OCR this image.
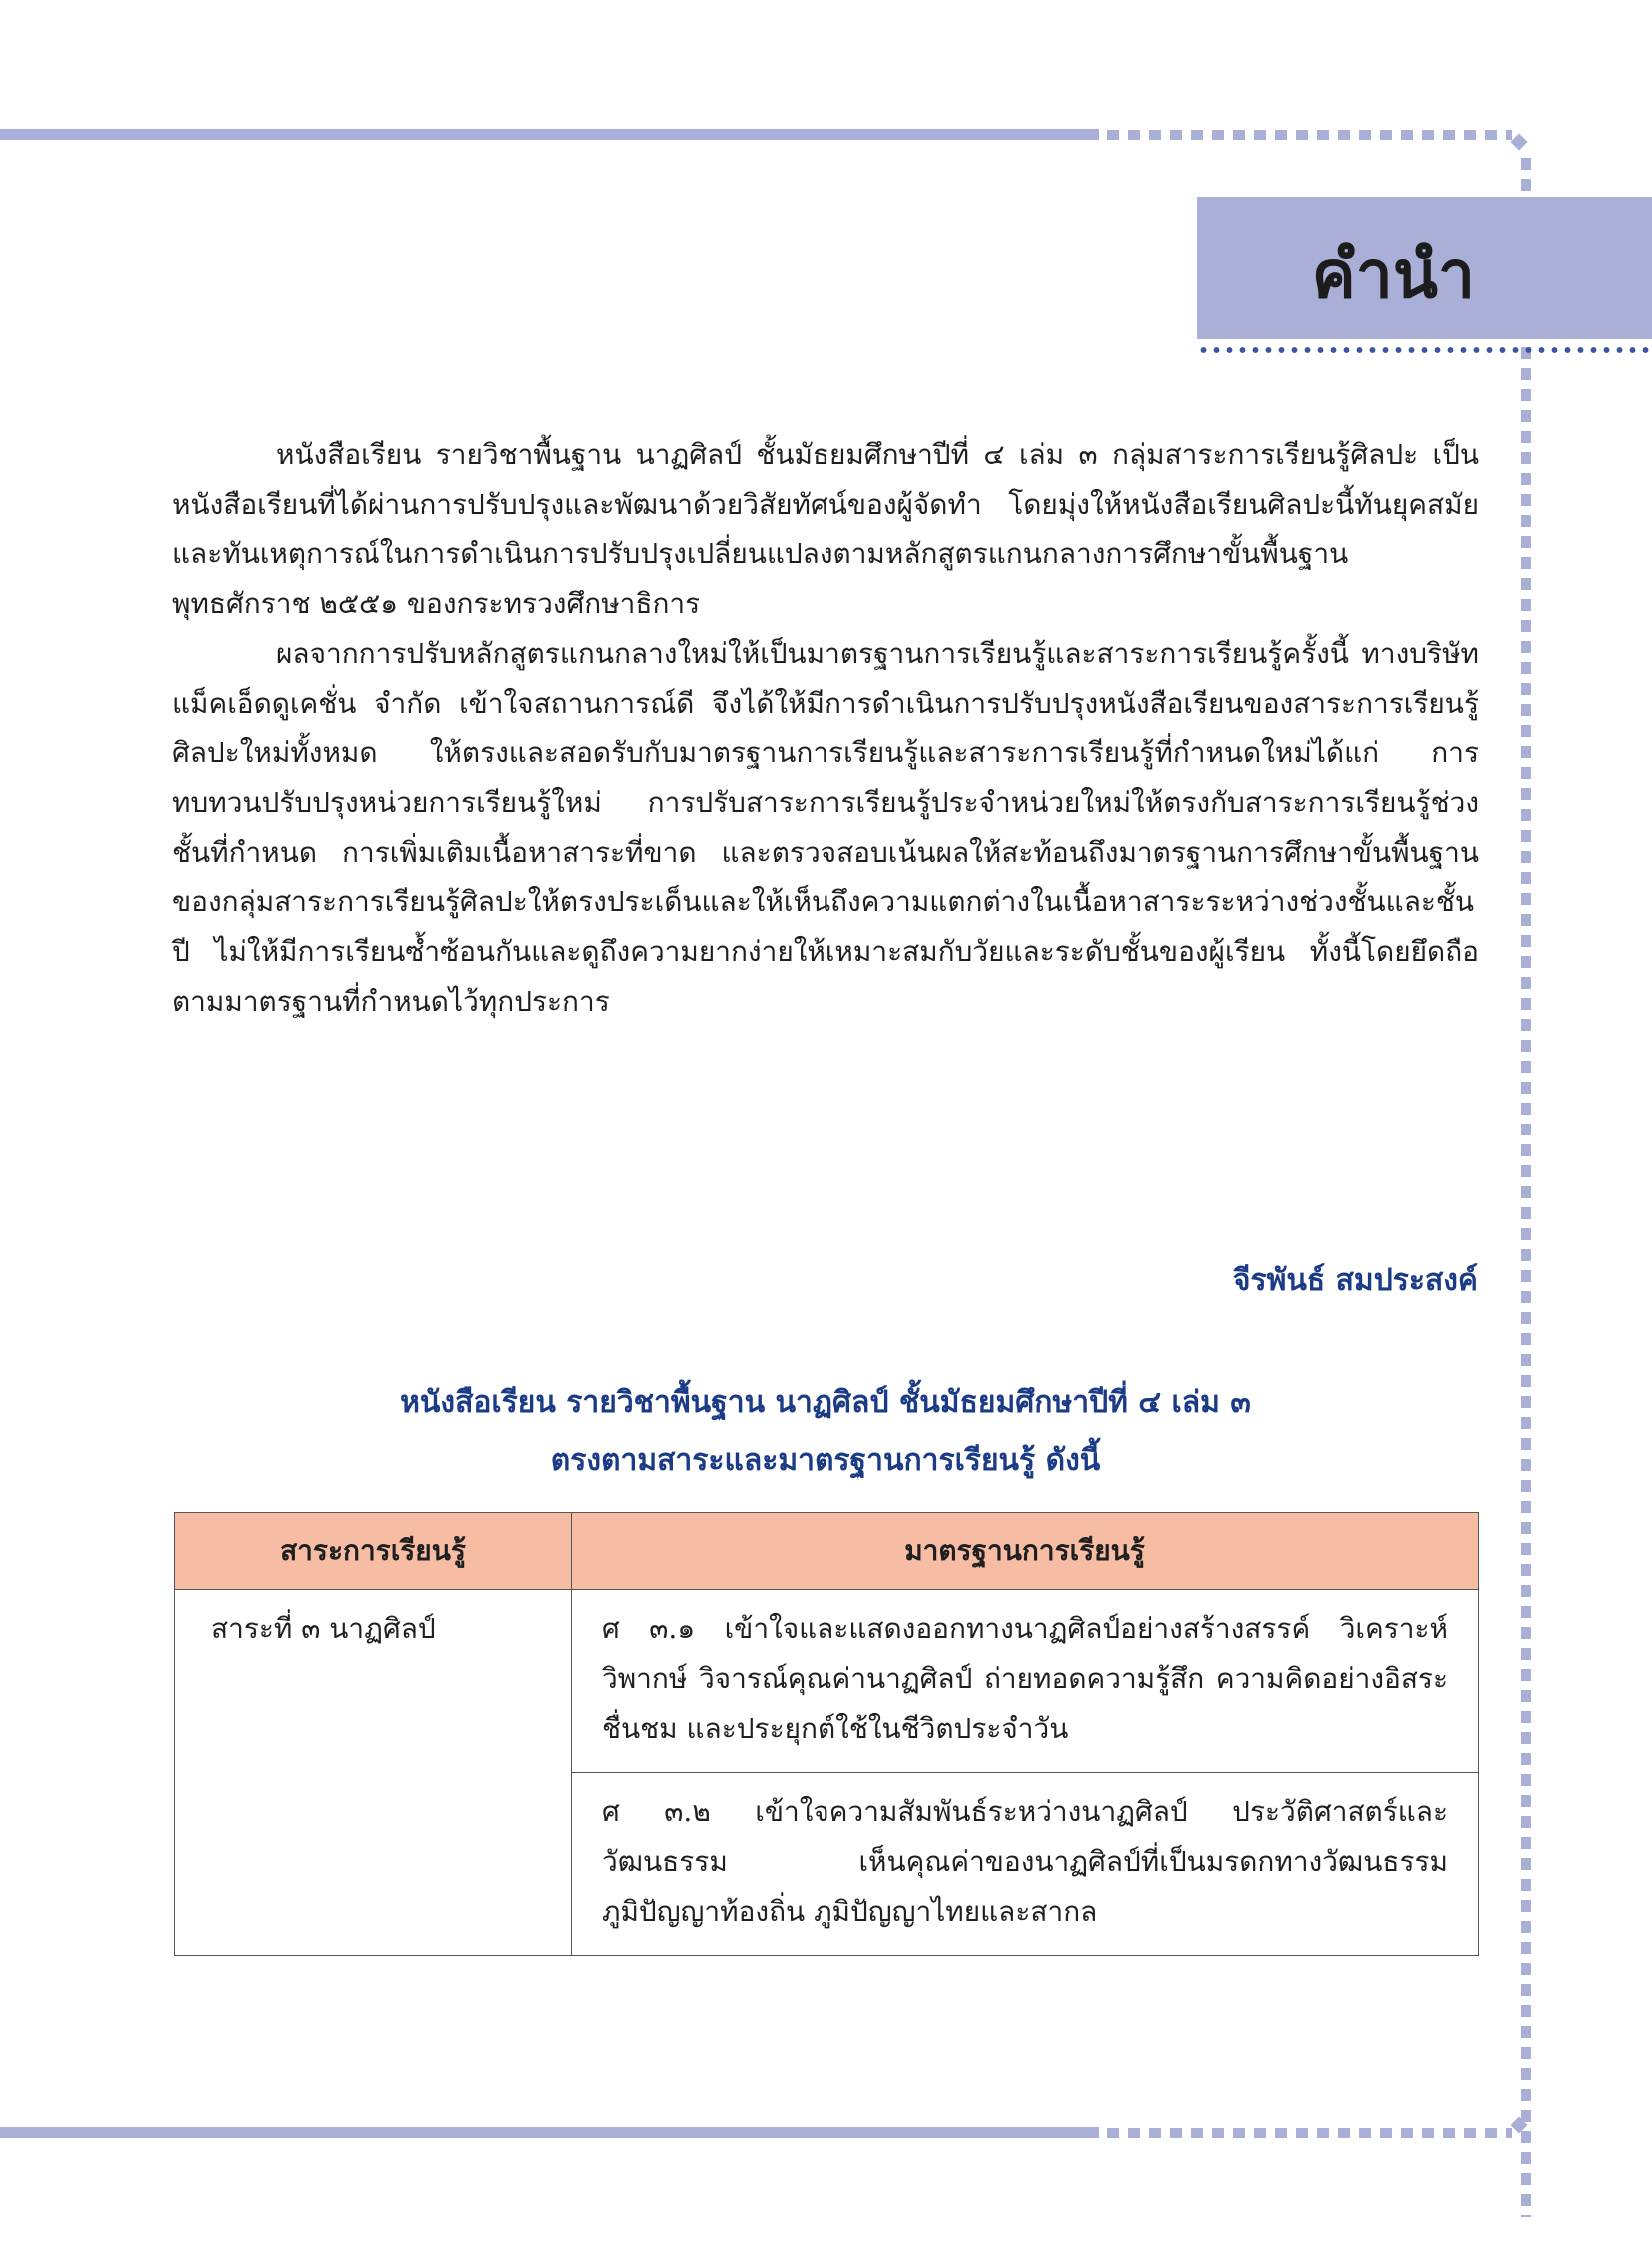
คำนำ

หนังสือเรียน รายวิชาพื้นฐาน นาฏศิลป์ ชั้นมัธยมศึกษาปีที่ ๔ เล่ม ๓ กลุ่มสาระการเรียนรู้ศิลปะ เป็นหนังสือเรียนที่ได้ผ่านการปรับปรุงและพัฒนาด้วยวิสัยทัศน์ของผู้จัดทำ โดยมุ่งให้หนังสือเรียนศิลปะนี้ทันยุคสมัยและทันเหตุการณ์ในการดำเนินการปรับปรุงเปลี่ยนแปลงตามหลักสูตรแกนกลางการศึกษาขั้นพื้นฐาน พุทธศักราช ๒๕๕๑ ของกระทรวงศึกษาธิการ

ผลจากการปรับหลักสูตรแกนกลางใหม่ให้เป็นมาตรฐานการเรียนรู้และสาระการเรียนรู้ครั้งนี้ ทางบริษัท แม็คเอ็ดดูเคชั่น จำกัด เข้าใจสถานการณ์ดี จึงได้ให้มีการดำเนินการปรับปรุงหนังสือเรียนของสาระการเรียนรู้ศิลปะใหม่ทั้งหมด ให้ตรงและสอดรับกับมาตรฐานการเรียนรู้และสาระการเรียนรู้ที่กำหนดใหม่ได้แก่ การทบทวนปรับปรุงหน่วยการเรียนรู้ใหม่ การปรับสาระการเรียนรู้ประจำหน่วยใหม่ให้ตรงกับสาระการเรียนรู้ช่วงชั้นที่กำหนด การเพิ่มเติมเนื้อหาสาระที่ขาด และตรวจสอบเน้นผลให้สะท้อนถึงมาตรฐานการศึกษาขั้นพื้นฐานของกลุ่มสาระการเรียนรู้ศิลปะให้ตรงประเด็นและให้เห็นถึงความแตกต่างในเนื้อหาสาระระหว่างช่วงชั้นและชั้นปี ไม่ให้มีการเรียนซ้ำซ้อนกันและดูถึงความยากง่ายให้เหมาะสมกับวัยและระดับชั้นของผู้เรียน ทั้งนี้โดยยึดถือตามมาตรฐานที่กำหนดไว้ทุกประการ

จีรพันธ์ สมประสงค์
หนังสือเรียน รายวิชาพื้นฐาน นาฏศิลป์ ชั้นมัธยมศึกษาปีที่ ๔ เล่ม ๓
ตรงตามสาระและมาตรฐานการเรียนรู้ ดังนี้
สาระการเรียนรู้	มาตรฐานการเรียนรู้
สาระที่ ๓ นาฏศิลป์	ศ ๓.๑ เข้าใจและแสดงออกทางนาฏศิลป์อย่างสร้างสรรค์ วิเคราะห์วิพากษ์ วิจารณ์คุณค่านาฏศิลป์ ถ่ายทอดความรู้สึก ความคิดอย่างอิสระ ชื่นชม และประยุกต์ใช้ในชีวิตประจำวัน
	ศ ๓.๒ เข้าใจความสัมพันธ์ระหว่างนาฏศิลป์ ประวัติศาสตร์และวัฒนธรรม เห็นคุณค่าของนาฏศิลป์ที่เป็นมรดกทางวัฒนธรรม ภูมิปัญญาท้องถิ่น ภูมิปัญญาไทยและสากล
